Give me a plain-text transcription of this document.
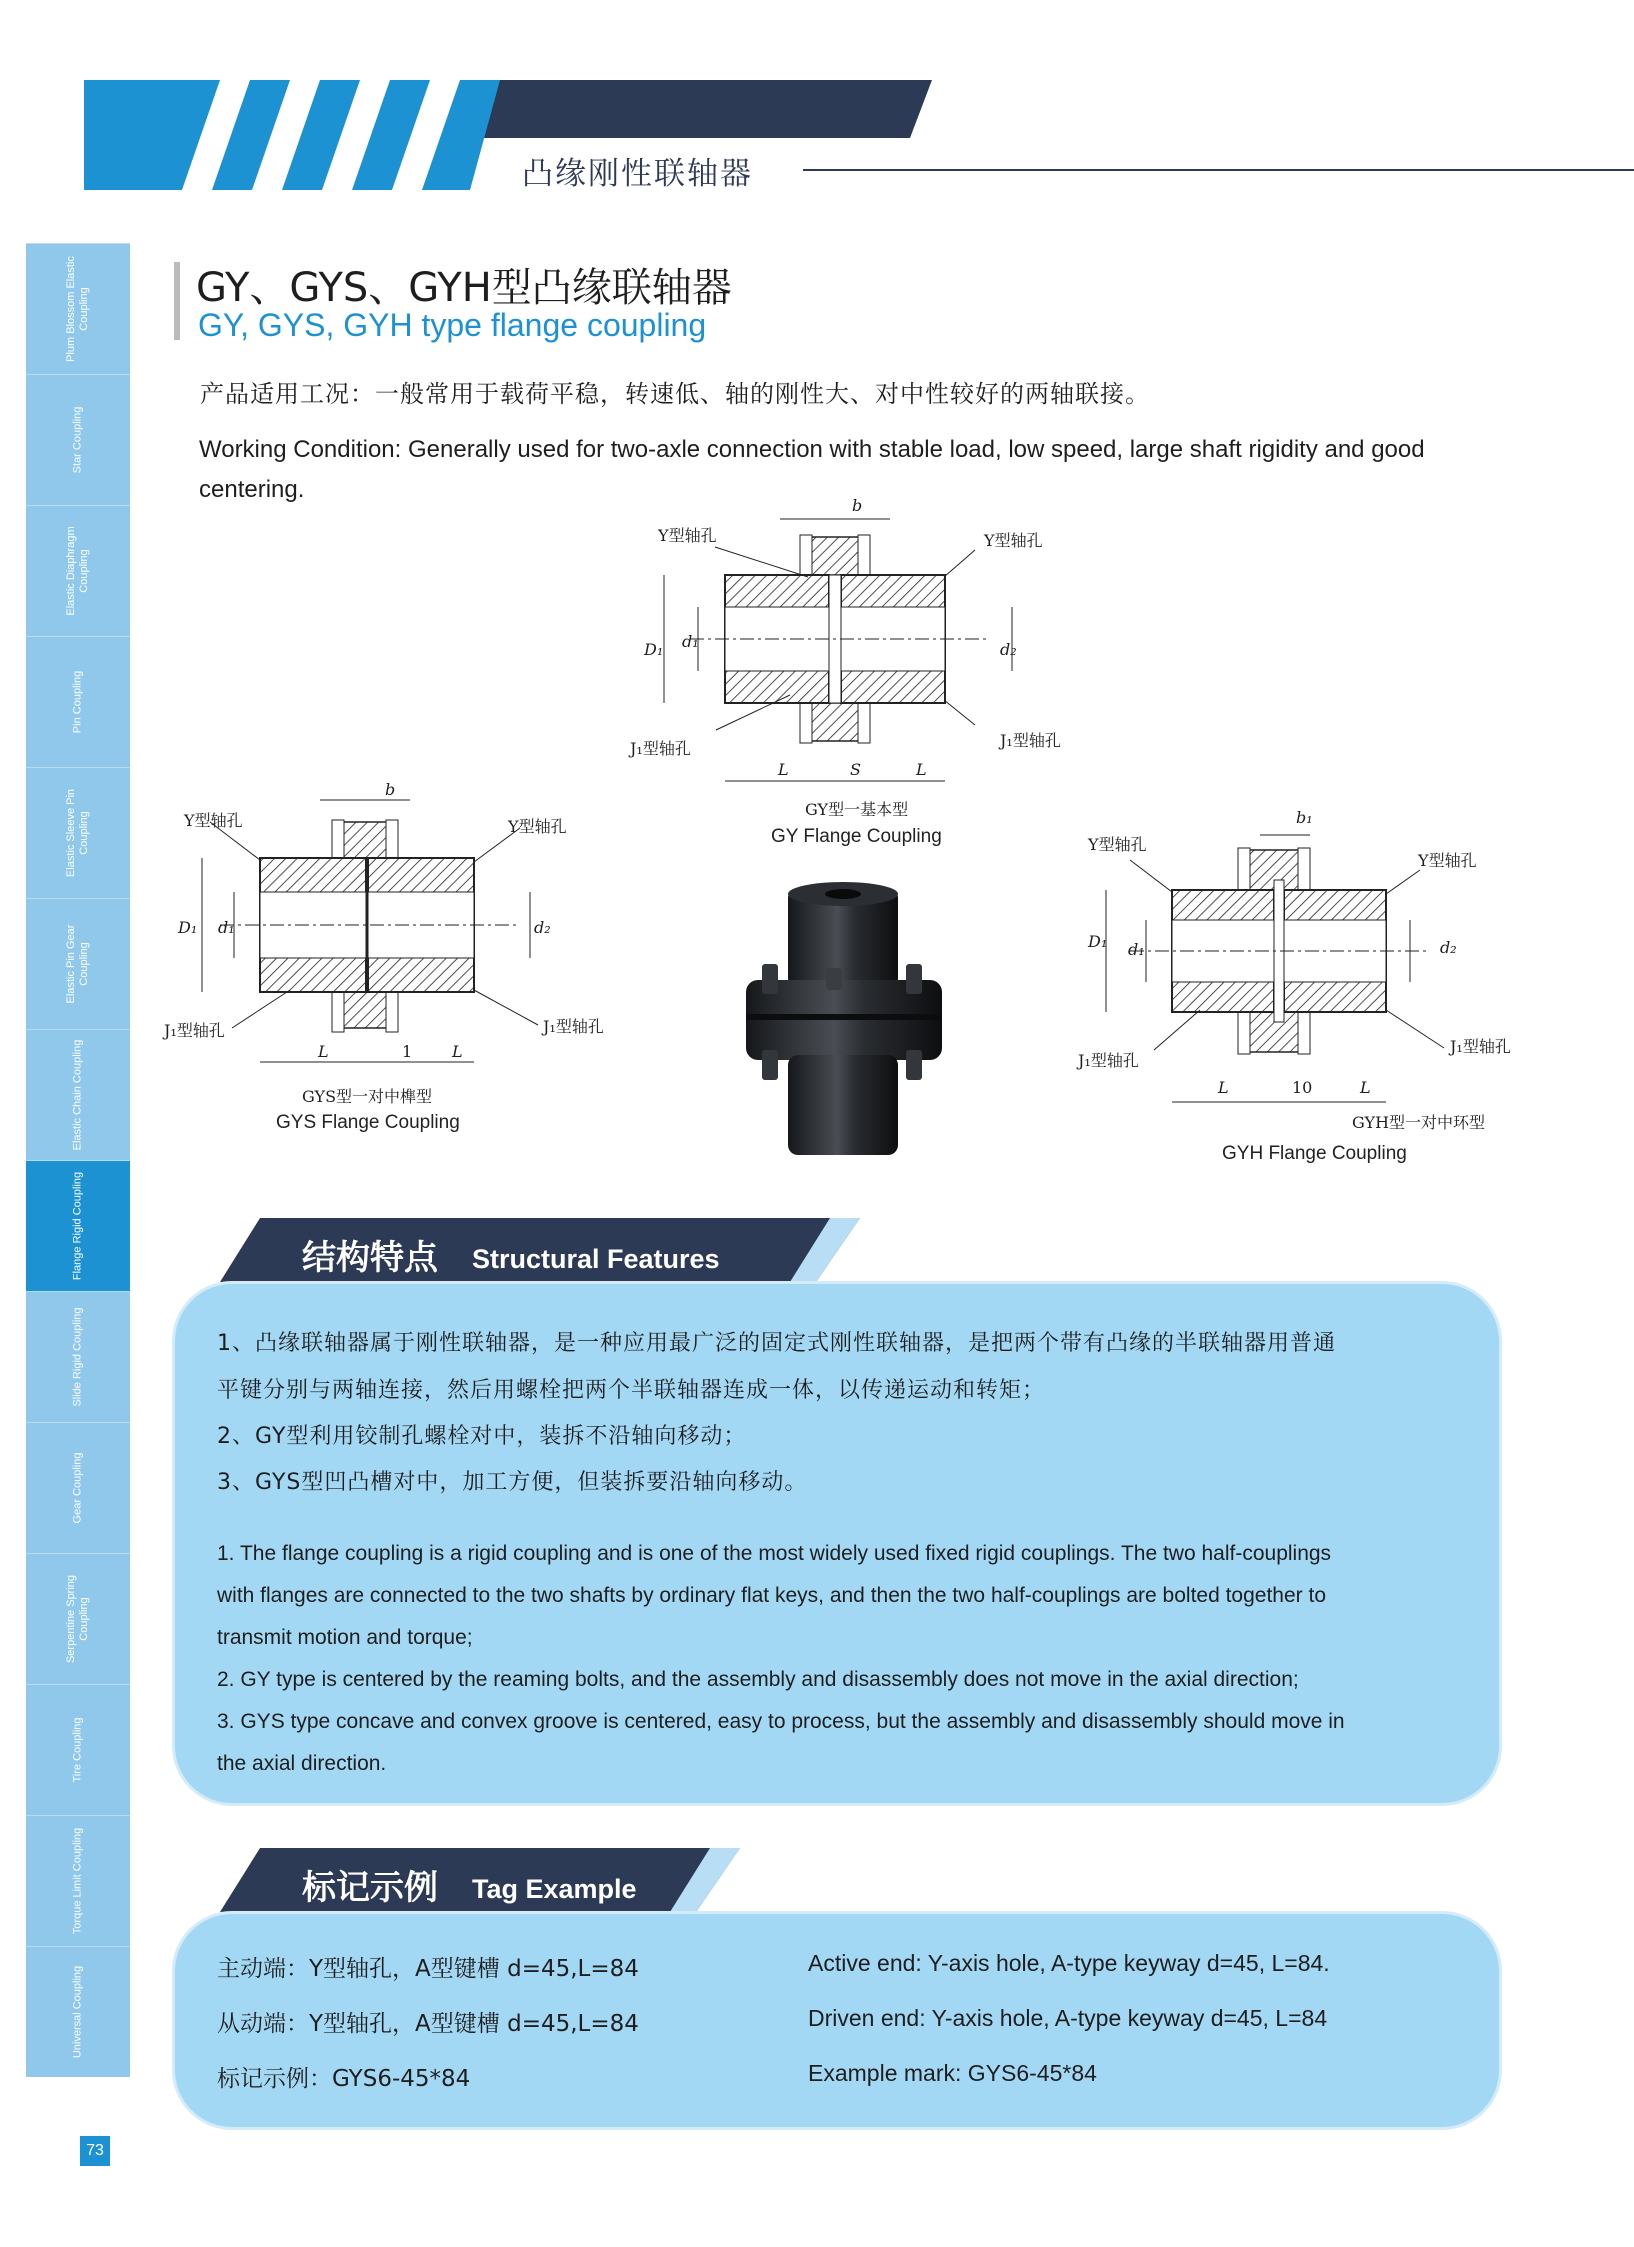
凸缘刚性联轴器
Plum Blossom Elastic Coupling
Star Coupling
Elastic Diaphragm Coupling
Pin Coupling
Elastic Sleeve Pin Coupling
Elastic Pin Gear Coupling
Elastic Chain Coupling
Flange Rigid Coupling
Slide Rigid Coupling
Gear Coupling
Serpentine Spring Coupling
Tire Coupling
Torque Limit Coupling
Universal Coupling
73
GY、GYS、GYH型凸缘联轴器
GY, GYS, GYH type flange coupling
产品适用工况：一般常用于载荷平稳，转速低、轴的刚性大、对中性较好的两轴联接。
Working Condition: Generally used for two-axle connection with stable load, low speed, large shaft rigidity and good centering.
Y型轴孔	Y型轴孔
J₁型轴孔	J₁型轴孔
b
D₁ d₁	d₂
L	S	L
GY型一基本型
GY Flange Coupling
Y型轴孔	Y型轴孔
J₁型轴孔	J₁型轴孔
b
D₁ d₁	d₂
L	1 L
GYS型一对中榫型
GYS Flange Coupling
Y型轴孔
Y型轴孔
J₁型轴孔
J₁型轴孔
b₁
D₁ d₁	d₂
L	10	L
GYH型一对中环型
GYH Flange Coupling
结构特点 Structural Features
1、凸缘联轴器属于刚性联轴器，是一种应用最广泛的固定式刚性联轴器，是把两个带有凸缘的半联轴器用普通
平键分别与两轴连接，然后用螺栓把两个半联轴器连成一体，以传递运动和转矩；
2、GY型利用铰制孔螺栓对中，装拆不沿轴向移动；
3、GYS型凹凸槽对中，加工方便，但装拆要沿轴向移动。
1. The flange coupling is a rigid coupling and is one of the most widely used fixed rigid couplings. The two half-couplings
with flanges are connected to the two shafts by ordinary flat keys, and then the two half-couplings are bolted together to
transmit motion and torque;
2. GY type is centered by the reaming bolts, and the assembly and disassembly does not move in the axial direction;
3. GYS type concave and convex groove is centered, easy to process, but the assembly and disassembly should move in
the axial direction.
标记示例 Tag Example
主动端：Y型轴孔，A型键槽 d=45,L=84
从动端：Y型轴孔，A型键槽 d=45,L=84
标记示例：GYS6-45*84
Active end: Y-axis hole, A-type keyway d=45, L=84.
Driven end: Y-axis hole, A-type keyway d=45, L=84
Example mark: GYS6-45*84
